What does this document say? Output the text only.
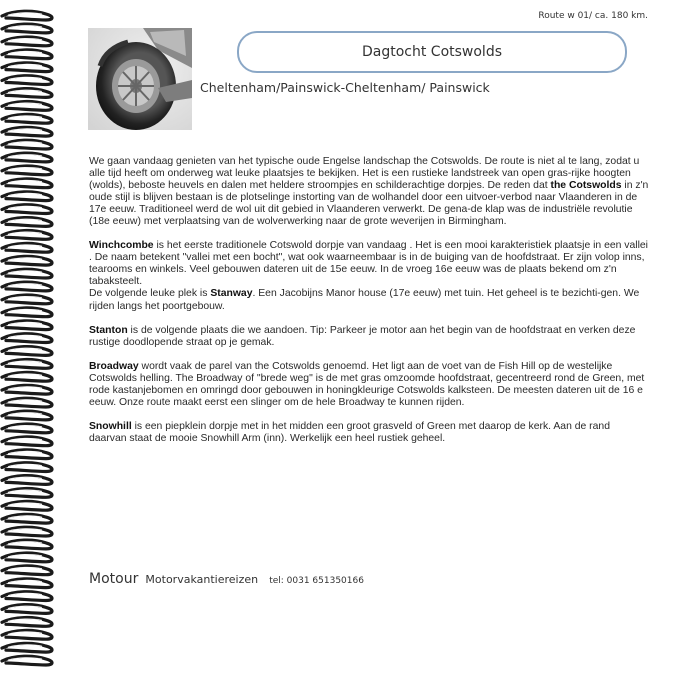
Route w 01/ ca. 180 km.
Dagtocht Cotswolds
Cheltenham/Painswick-Cheltenham/ Painswick

We gaan vandaag genieten van het typische oude Engelse landschap the Cotswolds. De route is niet al te lang, zodat u alle tijd heeft om onderweg wat leuke plaatsjes te bekijken. Het is een rustieke landstreek van open gras-rijke hoogten (wolds), beboste heuvels en dalen met heldere stroompjes en schilderachtige dorpjes. De reden dat the Cotswolds in z'n oude stijl is blijven bestaan is de plotselinge instorting van de wolhandel door een uitvoer-verbod naar Vlaanderen in de 17e eeuw. Traditioneel werd de wol uit dit gebied in Vlaanderen verwerkt. De gena-de klap was de industriële revolutie (18e eeuw) met verplaatsing van de wolverwerking naar de grote weverijen in Birmingham.

Winchcombe is het eerste traditionele Cotswold dorpje van vandaag . Het is een mooi karakteristiek plaatsje in een vallei . De naam betekent "vallei met een bocht", wat ook waarneembaar is in de buiging van de hoofdstraat. Er zijn volop inns, tearooms en winkels. Veel gebouwen dateren uit de 15e eeuw. In de vroeg 16e eeuw was de plaats bekend om z'n tabaksteelt.
De volgende leuke plek is Stanway. Een Jacobijns Manor house (17e eeuw) met tuin. Het geheel is te bezichti-gen. We rijden langs het poortgebouw.

Stanton is de volgende plaats die we aandoen. Tip: Parkeer je motor aan het begin van de hoofdstraat en verken deze rustige doodlopende straat op je gemak.

Broadway wordt vaak de parel van the Cotswolds genoemd. Het ligt aan de voet van de Fish Hill op de westelijke Cotswolds helling. The Broadway of "brede weg" is de met gras omzoomde hoofdstraat, gecentreerd rond de Green, met rode kastanjebomen en omringd door gebouwen in honingkleurige Cotswolds kalksteen. De meesten dateren uit de 16 e eeuw. Onze route maakt eerst een slinger om de hele Broadway te kunnen rijden.

Snowhill is een piepklein dorpje met in het midden een groot grasveld of Green met daarop de kerk. Aan de rand daarvan staat de mooie Snowhill Arm (inn). Werkelijk een heel rustiek geheel.

Motour Motorvakantiereizen tel: 0031 651350166
